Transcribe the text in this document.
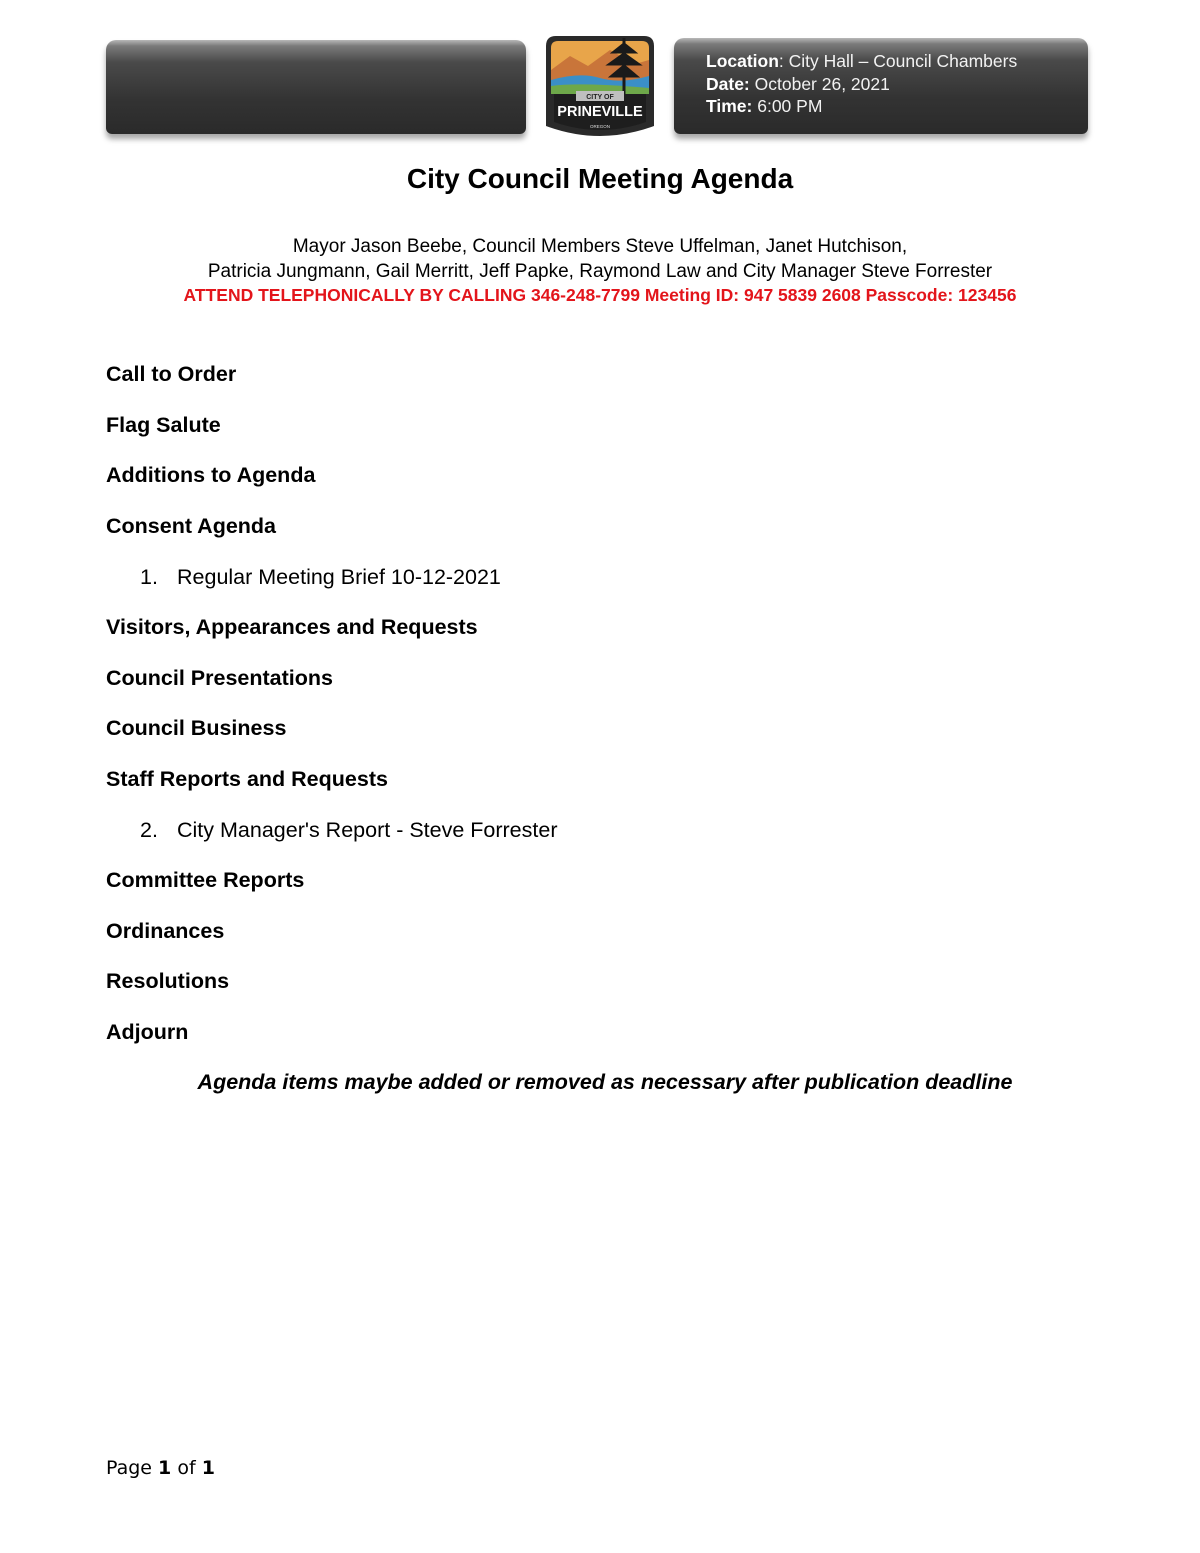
Location: City Hall – Council Chambers
Date: October 26, 2021
Time: 6:00 PM
CITY OF
PRINEVILLE
OREGON
City Council Meeting Agenda
Mayor Jason Beebe, Council Members Steve Uffelman, Janet Hutchison,
Patricia Jungmann, Gail Merritt, Jeff Papke, Raymond Law and City Manager Steve Forrester
ATTEND TELEPHONICALLY BY CALLING 346-248-7799 Meeting ID: 947 5839 2608 Passcode: 123456
Call to Order
Flag Salute
Additions to Agenda
Consent Agenda
1. Regular Meeting Brief 10-12-2021
Visitors, Appearances and Requests
Council Presentations
Council Business
Staff Reports and Requests
2. City Manager's Report - Steve Forrester
Committee Reports
Ordinances
Resolutions
Adjourn
Agenda items maybe added or removed as necessary after publication deadline
Page 1 of 1
